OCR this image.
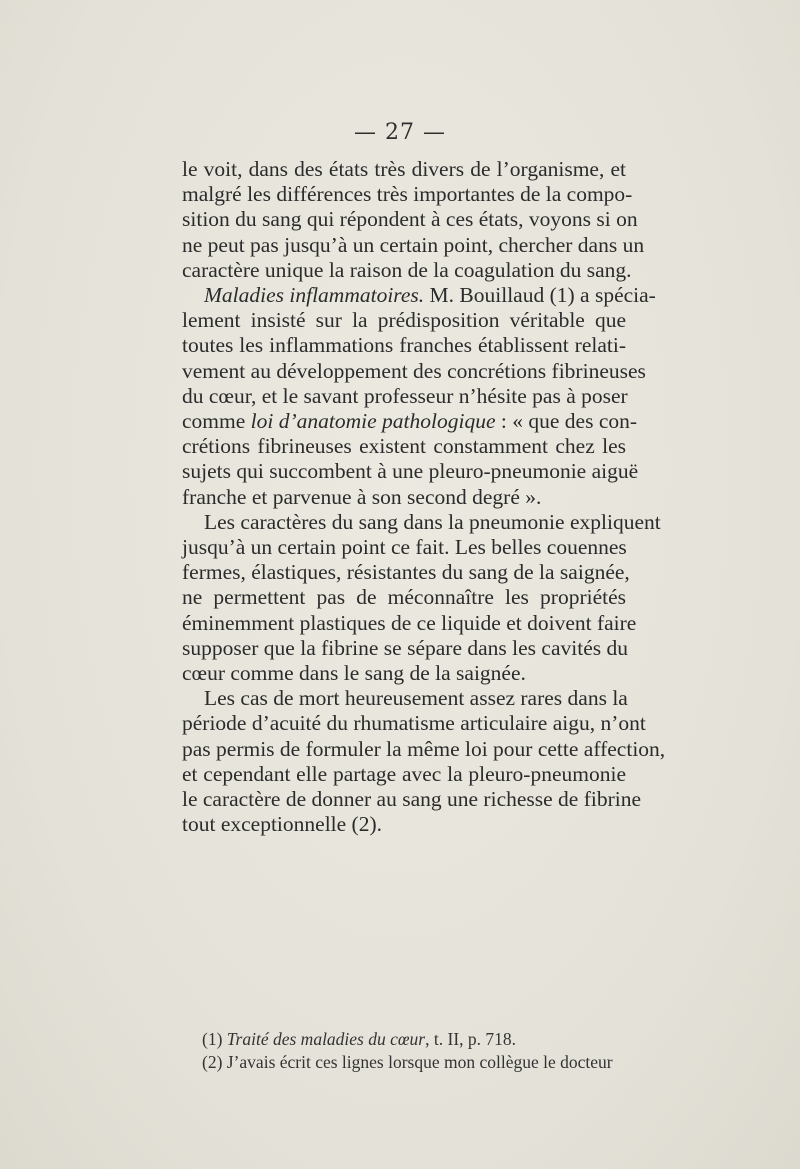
— 27 —
le voit, dans des états très divers de l’organisme, et
malgré les différences très importantes de la compo-
sition du sang qui répondent à ces états, voyons si on
ne peut pas jusqu’à un certain point, chercher dans un
caractère unique la raison de la coagulation du sang.
Maladies inflammatoires. M. Bouillaud (1) a spécia-
lement insisté sur la prédisposition véritable que
toutes les inflammations franches établissent relati-
vement au développement des concrétions fibrineuses
du cœur, et le savant professeur n’hésite pas à poser
comme loi d’anatomie pathologique : « que des con-
crétions fibrineuses existent constamment chez les
sujets qui succombent à une pleuro-pneumonie aiguë
franche et parvenue à son second degré ».
Les caractères du sang dans la pneumonie expliquent
jusqu’à un certain point ce fait. Les belles couennes
fermes, élastiques, résistantes du sang de la saignée,
ne permettent pas de méconnaître les propriétés
éminemment plastiques de ce liquide et doivent faire
supposer que la fibrine se sépare dans les cavités du
cœur comme dans le sang de la saignée.
Les cas de mort heureusement assez rares dans la
période d’acuité du rhumatisme articulaire aigu, n’ont
pas permis de formuler la même loi pour cette affection,
et cependant elle partage avec la pleuro-pneumonie
le caractère de donner au sang une richesse de fibrine
tout exceptionnelle (2).
(1) Traité des maladies du cœur, t. II, p. 718.
(2) J’avais écrit ces lignes lorsque mon collègue le docteur
